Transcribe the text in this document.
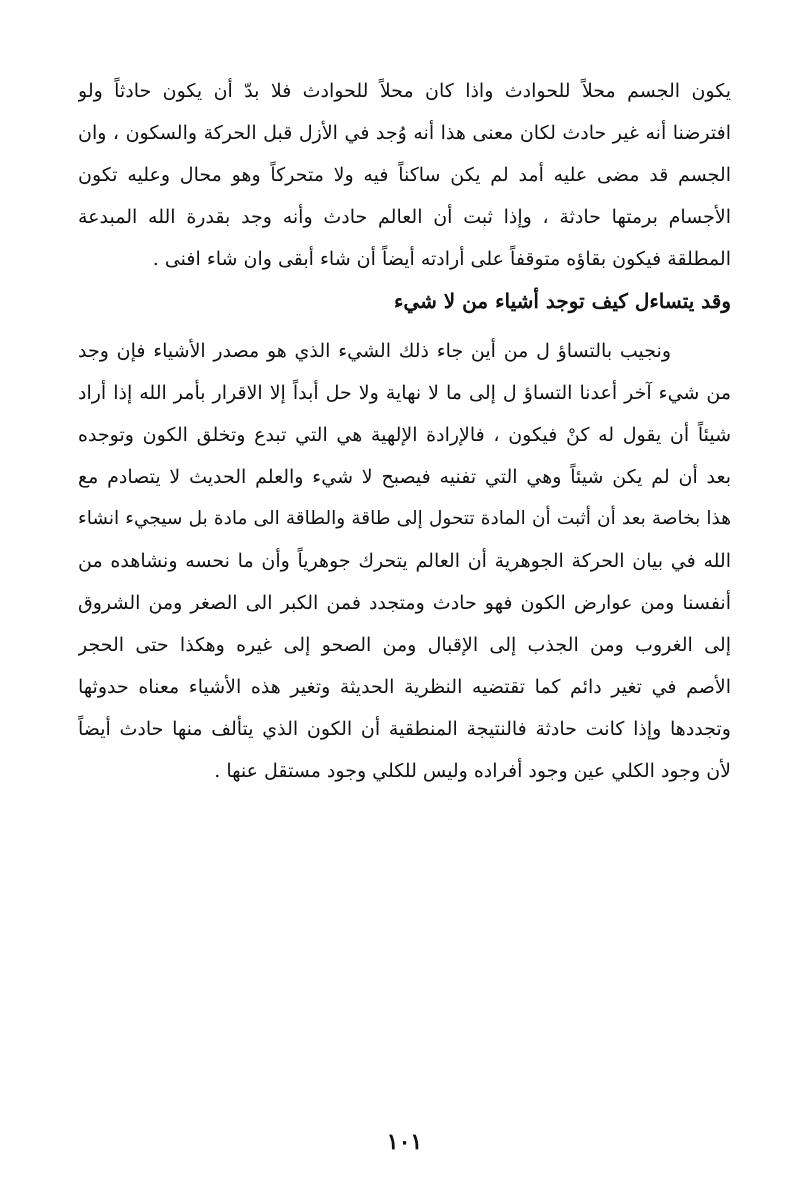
يكون الجسم محلاً للحوادث واذا كان محلاً للحوادث فلا بدّ أن يكون حادثاً ولو
افترضنا أنه غير حادث لكان معنى هذا أنه وُجد في الأزل قبل الحركة والسكون ، وان
الجسم قد مضى عليه أمد لم يكن ساكناً فيه ولا متحركاً وهو محال وعليه تكون
الأجسام برمتها حادثة ، وإذا ثبت أن العالم حادث وأنه وجد بقدرة الله المبدعة
المطلقة فيكون بقاؤه متوقفاً على أرادته أيضاً أن شاء أبقى وان شاء افنى .
وقد يتساءل كيف توجد أشياء من لا شيء
ونجيب بالتساؤ ل من أين جاء ذلك الشيء الذي هو مصدر الأشياء فإن وجد
من شيء آخر أعدنا التساؤ ل إلى ما لا نهاية ولا حل أبداً إلا الاقرار بأمر الله إذا أراد
شيئاً أن يقول له كنْ فيكون ، فالإرادة الإلهية هي التي تبدع وتخلق الكون وتوجده
بعد أن لم يكن شيئاً وهي التي تفنيه فيصبح لا شيء والعلم الحديث لا يتصادم مع
هذا بخاصة بعد أن أثبت أن المادة تتحول إلى طاقة والطاقة الى مادة بل سيجيء انشاء
الله في بيان الحركة الجوهرية أن العالم يتحرك جوهرياً وأن ما نحسه ونشاهده من
أنفسنا ومن عوارض الكون فهو حادث ومتجدد فمن الكبر الى الصغر ومن الشروق
إلى الغروب ومن الجذب إلى الإقبال ومن الصحو إلى غيره وهكذا حتى الحجر
الأصم في تغير دائم كما تقتضيه النظرية الحديثة وتغير هذه الأشياء معناه حدوثها
وتجددها وإذا كانت حادثة فالنتيجة المنطقية أن الكون الذي يتألف منها حادث أيضاً
لأن وجود الكلي عين وجود أفراده وليس للكلي وجود مستقل عنها .
١٠١
